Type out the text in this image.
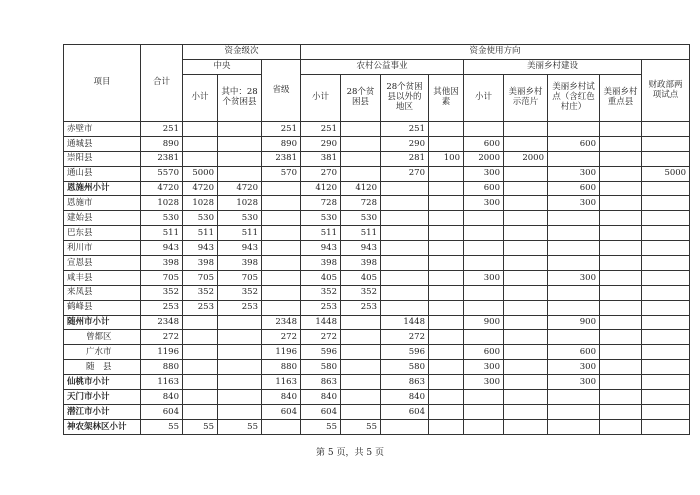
项目	合计	资金级次			资金使用方向								
		中央		省级	农村公益事业				美丽乡村建设				财政部两项试点
		小计	其中：28个贫困县		小计	28个贫困县	28个贫困县以外的地区	其他因素	小计	美丽乡村示范片	美丽乡村试点（含红色村庄）	美丽乡村重点县	
赤壁市	251			251	251		251						
通城县	890			890	290		290		600		600		
崇阳县	2381			2381	381		281	100	2000	2000			
通山县	5570	5000		570	270		270		300		300		5000
恩施州小计	4720	4720	4720		4120	4120			600		600		
恩施市	1028	1028	1028		728	728			300		300		
建始县	530	530	530		530	530							
巴东县	511	511	511		511	511							
利川市	943	943	943		943	943							
宣恩县	398	398	398		398	398							
咸丰县	705	705	705		405	405			300		300		
来凤县	352	352	352		352	352							
鹤峰县	253	253	253		253	253							
随州市小计	2348			2348	1448		1448		900		900		
曾都区	272			272	272		272						
广水市	1196			1196	596		596		600		600		
随　县	880			880	580		580		300		300		
仙桃市小计	1163			1163	863		863		300		300		
天门市小计	840			840	840		840						
潜江市小计	604			604	604		604						
神农架林区小计	55	55	55		55	55							
第 5 页，共 5 页
